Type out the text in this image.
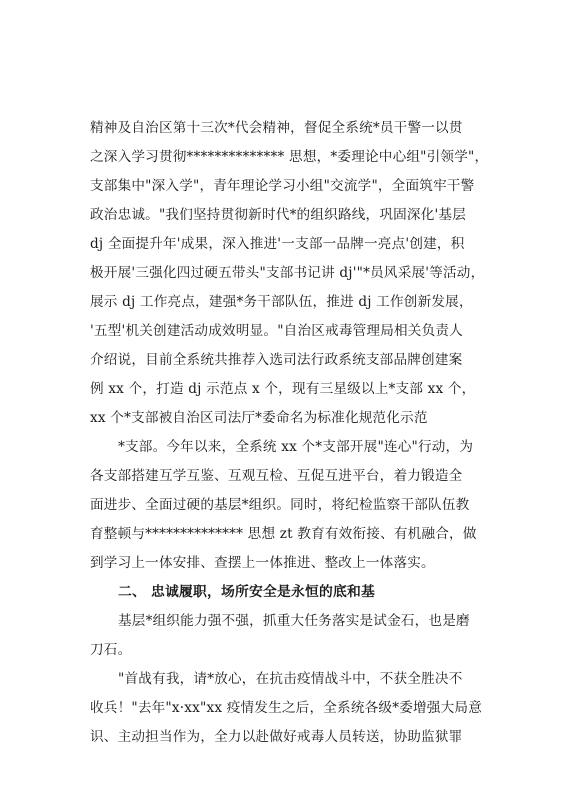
精神及自治区第十三次*代会精神，督促全系统*员干警一以贯
之深入学习贯彻************** 思想，*委理论中心组"引领学"，
支部集中"深入学"，青年理论学习小组"交流学"，全面筑牢干警
政治忠诚。"我们坚持贯彻新时代*的组织路线，巩固深化'基层
dj 全面提升年'成果，深入推进'一支部一品牌一亮点'创建，积
极开展'三强化四过硬五带头"支部书记讲 dj'"*员风采展'等活动，
展示 dj 工作亮点，建强*务干部队伍，推进 dj 工作创新发展，
'五型'机关创建活动成效明显。"自治区戒毒管理局相关负责人
介绍说，目前全系统共推荐入选司法行政系统支部品牌创建案
例 xx 个，打造 dj 示范点 x 个，现有三星级以上*支部 xx 个，
xx 个*支部被自治区司法厅*委命名为标准化规范化示范
*支部。今年以来，全系统 xx 个*支部开展"连心"行动，为
各支部搭建互学互鉴、互观互检、互促互进平台，着力锻造全
面进步、全面过硬的基层*组织。同时，将纪检监察干部队伍教
育整顿与************** 思想 zt 教育有效衔接、有机融合，做
到学习上一体安排、查摆上一体推进、整改上一体落实。
二、 忠诚履职，场所安全是永恒的底和基
基层*组织能力强不强，抓重大任务落实是试金石，也是磨
刀石。
"首战有我，请*放心，在抗击疫情战斗中，不获全胜决不
收兵！"去年"x·xx"xx 疫情发生之后，全系统各级*委增强大局意
识、主动担当作为，全力以赴做好戒毒人员转送，协助监狱罪
